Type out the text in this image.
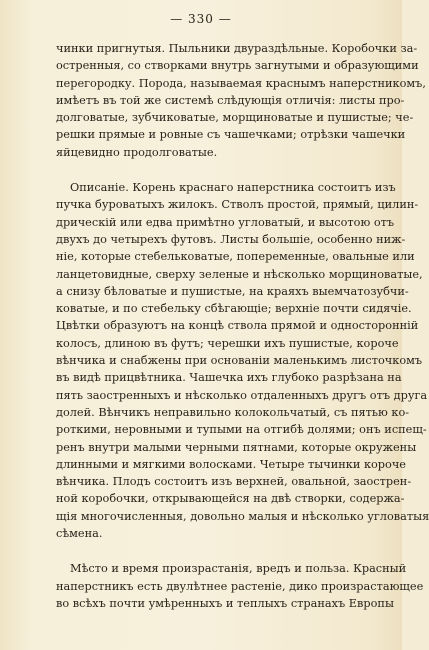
— 330 —
чинки пригнутыя. Пыльники двураздѣльные. Коробочки за-
остренныя, со створками внутрь загнутыми и образующими
перегородку. Порода, называемая краснымъ наперстникомъ,
имѣетъ въ той же системѣ слѣдующія отличія: листы про-
долговатые, зубчиковатые, морщиноватые и пушистые; че-
решки прямые и ровные съ чашечками; отрѣзки чашечки
яйцевидно продолговатые.
Описаніе. Корень краснаго наперстника состоитъ изъ
пучка буроватыхъ жилокъ. Стволъ простой, прямый, цилин-
дрическій или едва примѣтно угловатый, и высотою отъ
двухъ до четырехъ футовъ. Листы большіе, особенно ниж-
ніе, которые стебельковатые, попеременные, овальные или
ланцетовидные, сверху зеленые и нѣсколько морщиноватые,
а снизу бѣловатые и пушистые, на краяхъ выемчатозубчи-
коватые, и по стебельку сбѣгающіе; верхніе почти сидячіе.
Цвѣтки образуютъ на концѣ ствола прямой и односторонній
колосъ, длиною въ футъ; черешки ихъ пушистые, короче
вѣнчика и снабжены при основаніи маленькимъ листочкомъ
въ видѣ прицвѣтника. Чашечка ихъ глубоко разрѣзана на
пять заостренныхъ и нѣсколько отдаленныхъ другъ отъ друга
долей. Вѣнчикъ неправильно колокольчатый, съ пятью ко-
роткими, неровными и тупыми на отгибѣ долями; онъ испещ-
ренъ внутри малыми черными пятнами, которые окружены
длинными и мягкими волосками. Четыре тычинки короче
вѣнчика. Плодъ состоитъ изъ верхней, овальной, заострен-
ной коробочки, открывающейся на двѣ створки, содержа-
щія многочисленныя, довольно малыя и нѣсколько угловатыя
сѣмена.
Мѣсто и время произрастанія, вредъ и польза. Красный
наперстникъ есть двулѣтнее растеніе, дико произрастающее
во всѣхъ почти умѣренныхъ и теплыхъ странахъ Европы
